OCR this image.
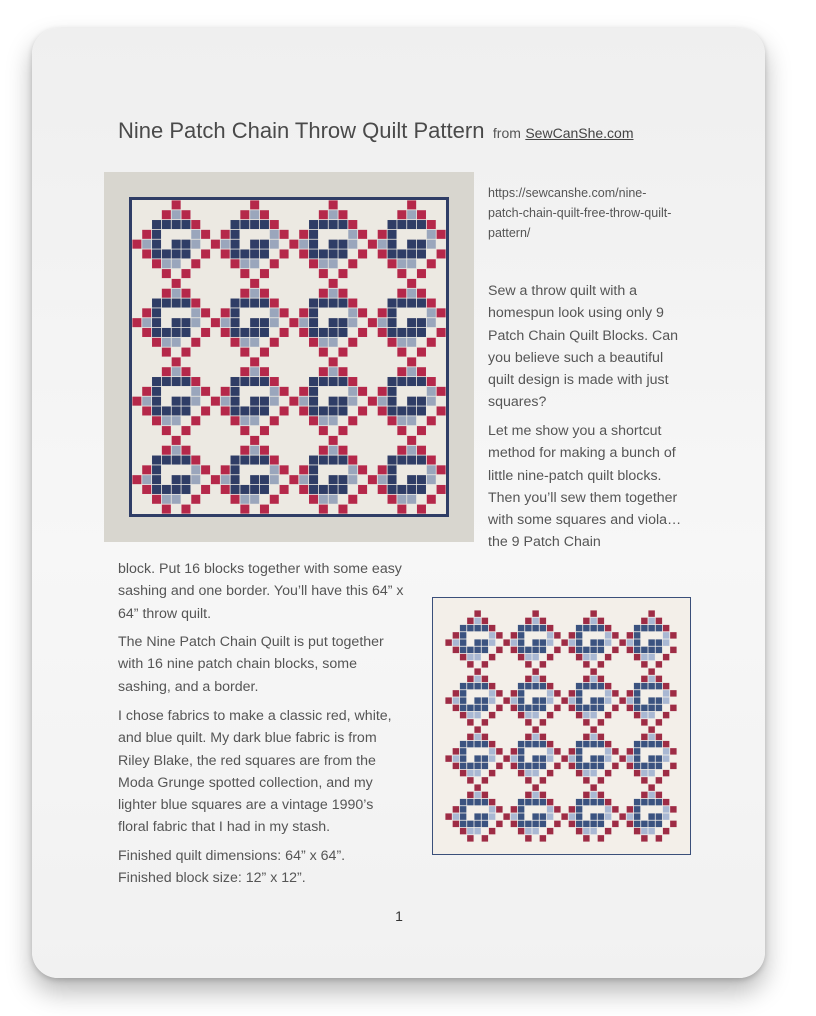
Nine Patch Chain Throw Quilt Pattern from SewCanShe.com
https://sewcanshe.com/nine-patch-chain-quilt-free-throw-quilt-pattern/

Sew a throw quilt with a homespun look using only 9 Patch Chain Quilt Blocks. Can you believe such a beautiful quilt design is made with just squares?

Let me show you a shortcut method for making a bunch of little nine-patch quilt blocks. Then you’ll sew them together with some squares and viola… the 9 Patch Chain

block. Put 16 blocks together with some easy sashing and one border. You’ll have this 64” x 64” throw quilt.

The Nine Patch Chain Quilt is put together with 16 nine patch chain blocks, some sashing, and a border.

I chose fabrics to make a classic red, white, and blue quilt. My dark blue fabric is from Riley Blake, the red squares are from the Moda Grunge spotted collection, and my lighter blue squares are a vintage 1990’s floral fabric that I had in my stash.

Finished quilt dimensions: 64” x 64”.
Finished block size: 12” x 12”.

1
